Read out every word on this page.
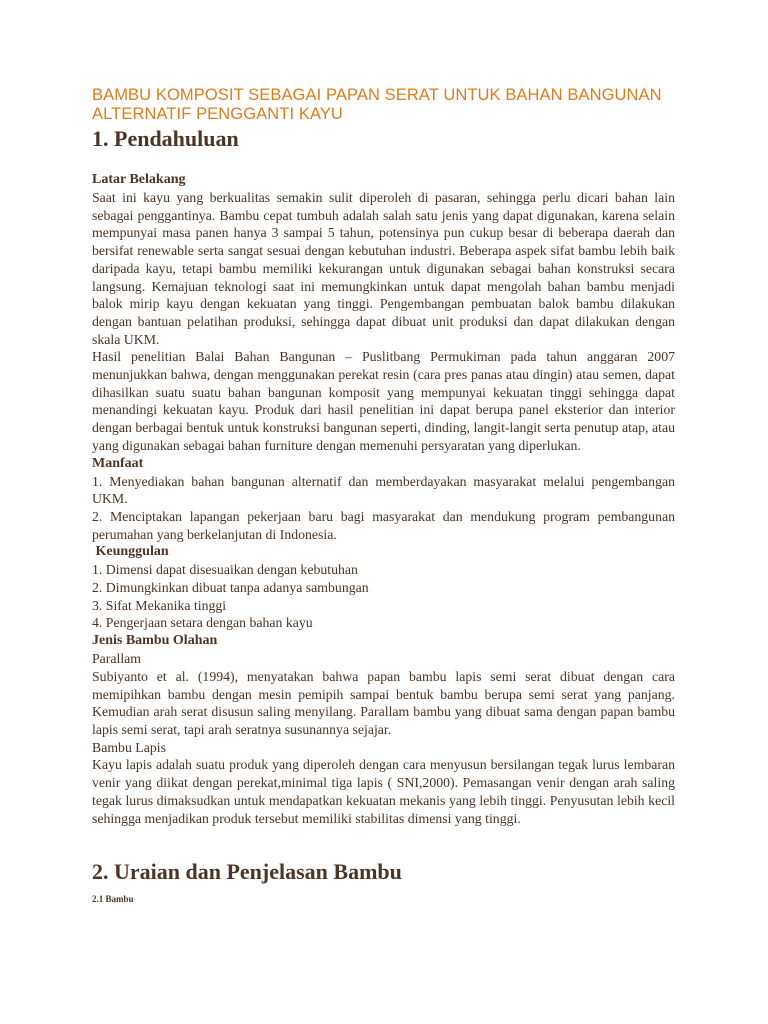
BAMBU KOMPOSIT SEBAGAI PAPAN SERAT UNTUK BAHAN BANGUNAN ALTERNATIF PENGGANTI KAYU

1. Pendahuluan

Latar Belakang

Saat ini kayu yang berkualitas semakin sulit diperoleh di pasaran, sehingga perlu dicari bahan lain sebagai penggantinya. Bambu cepat tumbuh adalah salah satu jenis yang dapat digunakan, karena selain mempunyai masa panen hanya 3 sampai 5 tahun, potensinya pun cukup besar di beberapa daerah dan bersifat renewable serta sangat sesuai dengan kebutuhan industri. Beberapa aspek sifat bambu lebih baik daripada kayu, tetapi bambu memiliki kekurangan untuk digunakan sebagai bahan konstruksi secara langsung. Kemajuan teknologi saat ini memungkinkan untuk dapat mengolah bahan bambu menjadi balok mirip kayu dengan kekuatan yang tinggi. Pengembangan pembuatan balok bambu dilakukan dengan bantuan pelatihan produksi, sehingga dapat dibuat unit produksi dan dapat dilakukan dengan skala UKM.

Hasil penelitian Balai Bahan Bangunan – Puslitbang Permukiman pada tahun anggaran 2007 menunjukkan bahwa, dengan menggunakan perekat resin (cara pres panas atau dingin) atau semen, dapat dihasilkan suatu suatu bahan bangunan komposit yang mempunyai kekuatan tinggi sehingga dapat menandingi kekuatan kayu. Produk dari hasil penelitian ini dapat berupa panel eksterior dan interior dengan berbagai bentuk untuk konstruksi bangunan seperti, dinding, langit-langit serta penutup atap, atau yang digunakan sebagai bahan furniture dengan memenuhi persyaratan yang diperlukan.

Manfaat

1. Menyediakan bahan bangunan alternatif dan memberdayakan masyarakat melalui pengembangan UKM.

2. Menciptakan lapangan pekerjaan baru bagi masyarakat dan mendukung program pembangunan perumahan yang berkelanjutan di Indonesia.

Keunggulan

1. Dimensi dapat disesuaikan dengan kebutuhan

2. Dimungkinkan dibuat tanpa adanya sambungan

3. Sifat Mekanika tinggi

4. Pengerjaan setara dengan bahan kayu

Jenis Bambu Olahan

Parallam

Subiyanto et al. (1994), menyatakan bahwa papan bambu lapis semi serat dibuat dengan cara memipihkan bambu dengan mesin pemipih sampai bentuk bambu berupa semi serat yang panjang. Kemudian arah serat disusun saling menyilang. Parallam bambu yang dibuat sama dengan papan bambu lapis semi serat, tapi arah seratnya susunannya sejajar.

Bambu Lapis

Kayu lapis adalah suatu produk yang diperoleh dengan cara menyusun bersilangan tegak lurus lembaran venir yang diikat dengan perekat,minimal tiga lapis ( SNI,2000). Pemasangan venir dengan arah saling tegak lurus dimaksudkan untuk mendapatkan kekuatan mekanis yang lebih tinggi. Penyusutan lebih kecil sehingga menjadikan produk tersebut memiliki stabilitas dimensi yang tinggi.

2. Uraian dan Penjelasan Bambu

2.1 Bambu
